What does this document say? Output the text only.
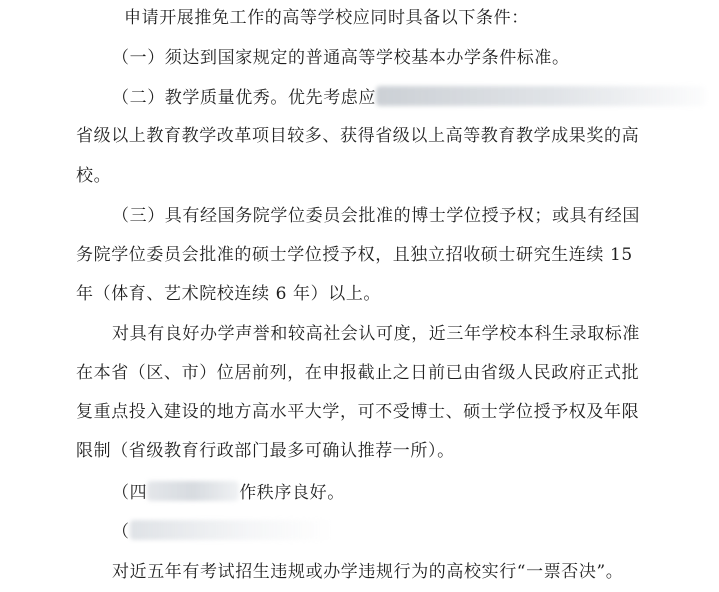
申请开展推免工作的高等学校应同时具备以下条件：
（一）须达到国家规定的普通高等学校基本办学条件标准。
（二）教学质量优秀。优先考虑应
省级以上教育教学改革项目较多、获得省级以上高等教育教学成果奖的高
校。
（三）具有经国务院学位委员会批准的博士学位授予权；或具有经国
务院学位委员会批准的硕士学位授予权，且独立招收硕士研究生连续 15
年（体育、艺术院校连续 6 年）以上。
对具有良好办学声誉和较高社会认可度，近三年学校本科生录取标准
在本省（区、市）位居前列，在申报截止之日前已由省级人民政府正式批
复重点投入建设的地方高水平大学，可不受博士、硕士学位授予权及年限
限制（省级教育行政部门最多可确认推荐一所）。
（四	作秩序良好。
（
对近五年有考试招生违规或办学违规行为的高校实行“一票否决”。
